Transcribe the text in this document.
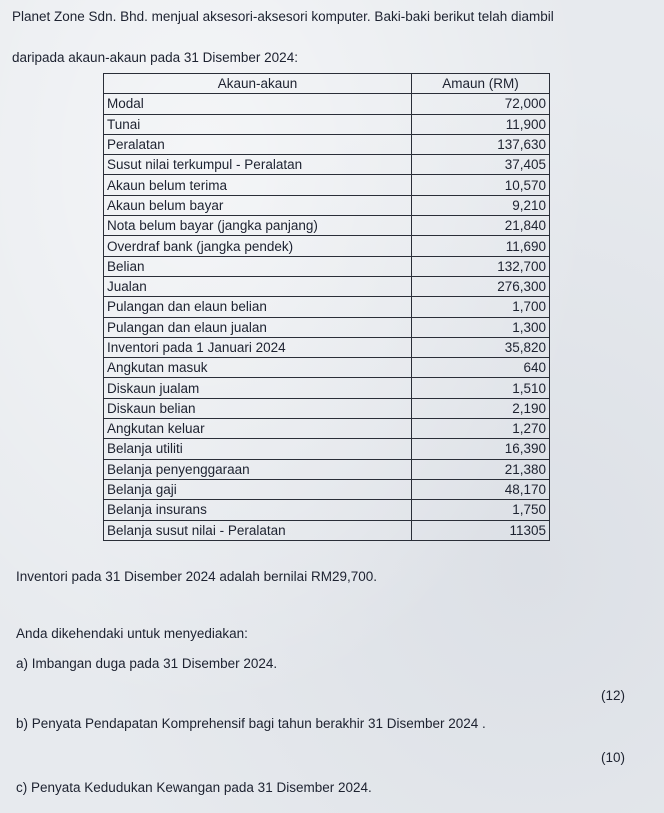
Planet Zone Sdn. Bhd. menjual aksesori-aksesori komputer. Baki-baki berikut telah diambil
daripada akaun-akaun pada 31 Disember 2024:
Akaun-akaun	Amaun (RM)
Modal	72,000
Tunai	11,900
Peralatan	137,630
Susut nilai terkumpul - Peralatan	37,405
Akaun belum terima	10,570
Akaun belum bayar	9,210
Nota belum bayar (jangka panjang)	21,840
Overdraf bank (jangka pendek)	11,690
Belian	132,700
Jualan	276,300
Pulangan dan elaun belian	1,700
Pulangan dan elaun jualan	1,300
Inventori pada 1 Januari 2024	35,820
Angkutan masuk	640
Diskaun jualam	1,510
Diskaun belian	2,190
Angkutan keluar	1,270
Belanja utiliti	16,390
Belanja penyenggaraan	21,380
Belanja gaji	48,170
Belanja insurans	1,750
Belanja susut nilai - Peralatan	11305
Inventori pada 31 Disember 2024 adalah bernilai RM29,700.
Anda dikehendaki untuk menyediakan:
a) Imbangan duga pada 31 Disember 2024.
(12)
b) Penyata Pendapatan Komprehensif bagi tahun berakhir 31 Disember 2024 .
(10)
c) Penyata Kedudukan Kewangan pada 31 Disember 2024.
